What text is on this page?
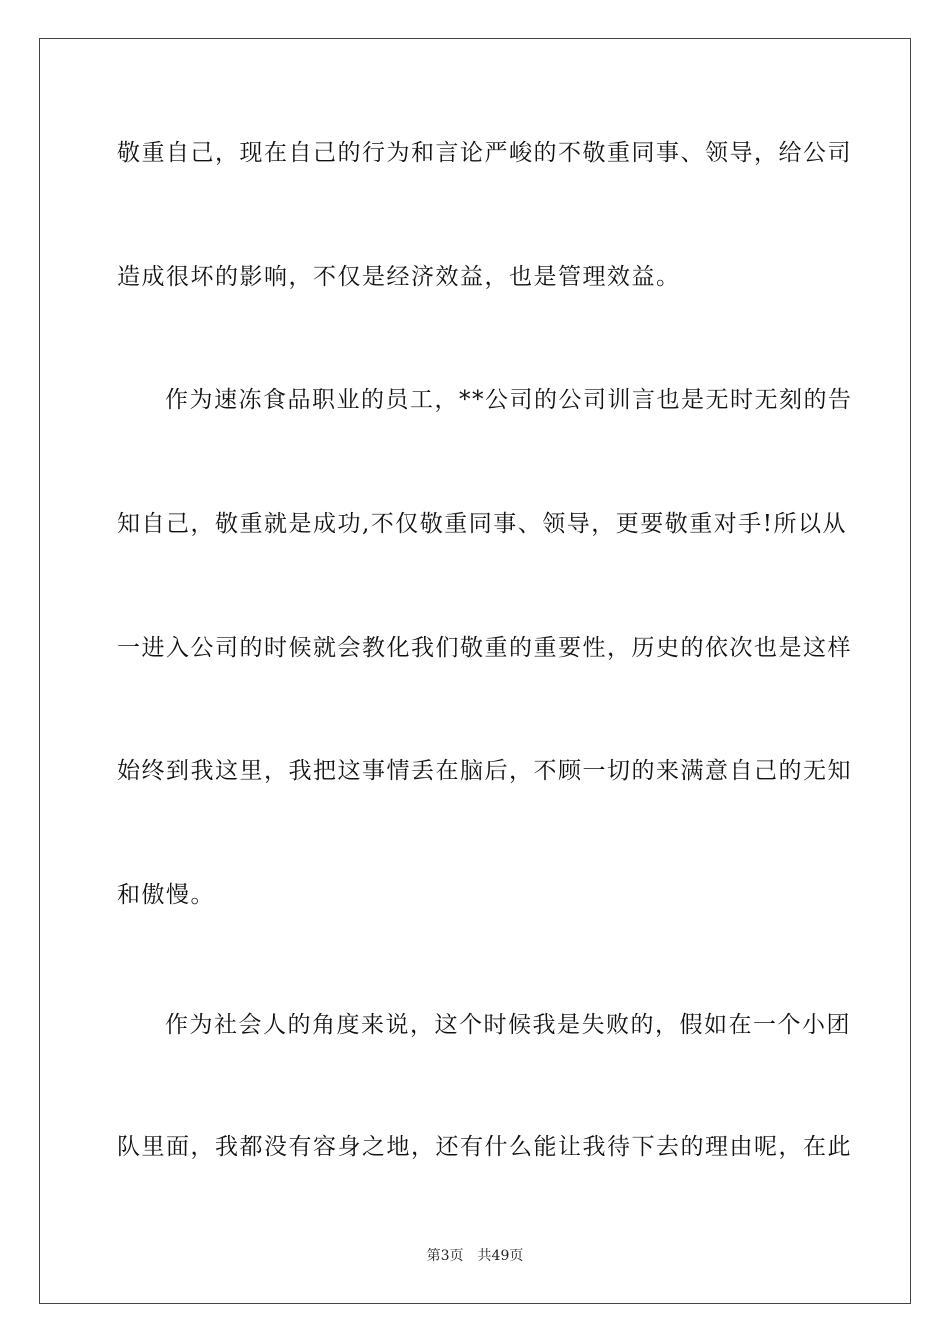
敬重自己，现在自己的行为和言论严峻的不敬重同事、领导，给公司
造成很坏的影响，不仅是经济效益，也是管理效益。
作为速冻食品职业的员工，**公司的公司训言也是无时无刻的告
知自己，敬重就是成功,不仅敬重同事、领导，更要敬重对手!所以从
一进入公司的时候就会教化我们敬重的重要性，历史的依次也是这样
始终到我这里，我把这事情丢在脑后，不顾一切的来满意自己的无知
和傲慢。
作为社会人的角度来说，这个时候我是失败的，假如在一个小团
队里面，我都没有容身之地，还有什么能让我待下去的理由呢，在此
第3页 共49页
